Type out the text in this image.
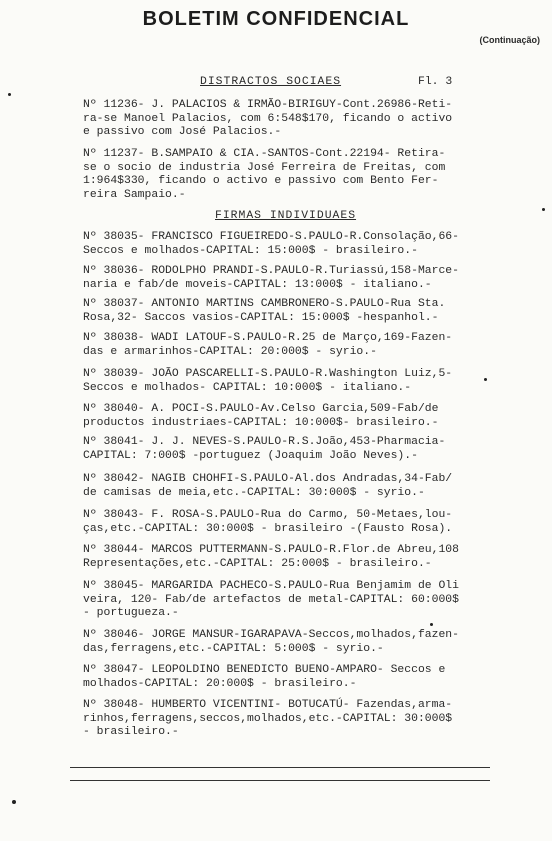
BOLETIM CONFIDENCIAL
(Continuação)
DISTRACTOS SOCIAES	Fl. 3
Nº 11236- J. PALACIOS & IRMÃO-BIRIGUY-Cont.26986-Reti-
ra-se Manoel Palacios, com 6:548$170, ficando o activo
e passivo com José Palacios.-
Nº 11237- B.SAMPAIO & CIA.-SANTOS-Cont.22194- Retira-
se o socio de industria José Ferreira de Freitas, com
1:964$330, ficando o activo e passivo com Bento Fer-
reira Sampaio.-
FIRMAS INDIVIDUAES
Nº 38035- FRANCISCO FIGUEIREDO-S.PAULO-R.Consolação,66-
Seccos e molhados-CAPITAL: 15:000$ - brasileiro.-
Nº 38036- RODOLPHO PRANDI-S.PAULO-R.Turiassú,158-Marce-
naria e fab/de moveis-CAPITAL: 13:000$ - italiano.-
Nº 38037- ANTONIO MARTINS CAMBRONERO-S.PAULO-Rua Sta.
Rosa,32- Saccos vasios-CAPITAL: 15:000$ -hespanhol.-
Nº 38038- WADI LATOUF-S.PAULO-R.25 de Março,169-Fazen-
das e armarinhos-CAPITAL: 20:000$ - syrio.-
Nº 38039- JOÃO PASCARELLI-S.PAULO-R.Washington Luiz,5-
Seccos e molhados- CAPITAL: 10:000$ - italiano.-
Nº 38040- A. POCI-S.PAULO-Av.Celso Garcia,509-Fab/de
productos industriaes-CAPITAL: 10:000$- brasileiro.-
Nº 38041- J. J. NEVES-S.PAULO-R.S.João,453-Pharmacia-
CAPITAL: 7:000$ -portuguez (Joaquim João Neves).-
Nº 38042- NAGIB CHOHFI-S.PAULO-Al.dos Andradas,34-Fab/
de camisas de meia,etc.-CAPITAL: 30:000$ - syrio.-
Nº 38043- F. ROSA-S.PAULO-Rua do Carmo, 50-Metaes,lou-
ças,etc.-CAPITAL: 30:000$ - brasileiro -(Fausto Rosa).
Nº 38044- MARCOS PUTTERMANN-S.PAULO-R.Flor.de Abreu,108
Representações,etc.-CAPITAL: 25:000$ - brasileiro.-
Nº 38045- MARGARIDA PACHECO-S.PAULO-Rua Benjamim de Oli
veira, 120- Fab/de artefactos de metal-CAPITAL: 60:000$
- portugueza.-
Nº 38046- JORGE MANSUR-IGARAPAVA-Seccos,molhados,fazen-
das,ferragens,etc.-CAPITAL: 5:000$ - syrio.-
Nº 38047- LEOPOLDINO BENEDICTO BUENO-AMPARO- Seccos e
molhados-CAPITAL: 20:000$ - brasileiro.-
Nº 38048- HUMBERTO VICENTINI- BOTUCATÚ- Fazendas,arma-
rinhos,ferragens,seccos,molhados,etc.-CAPITAL: 30:000$
- brasileiro.-
